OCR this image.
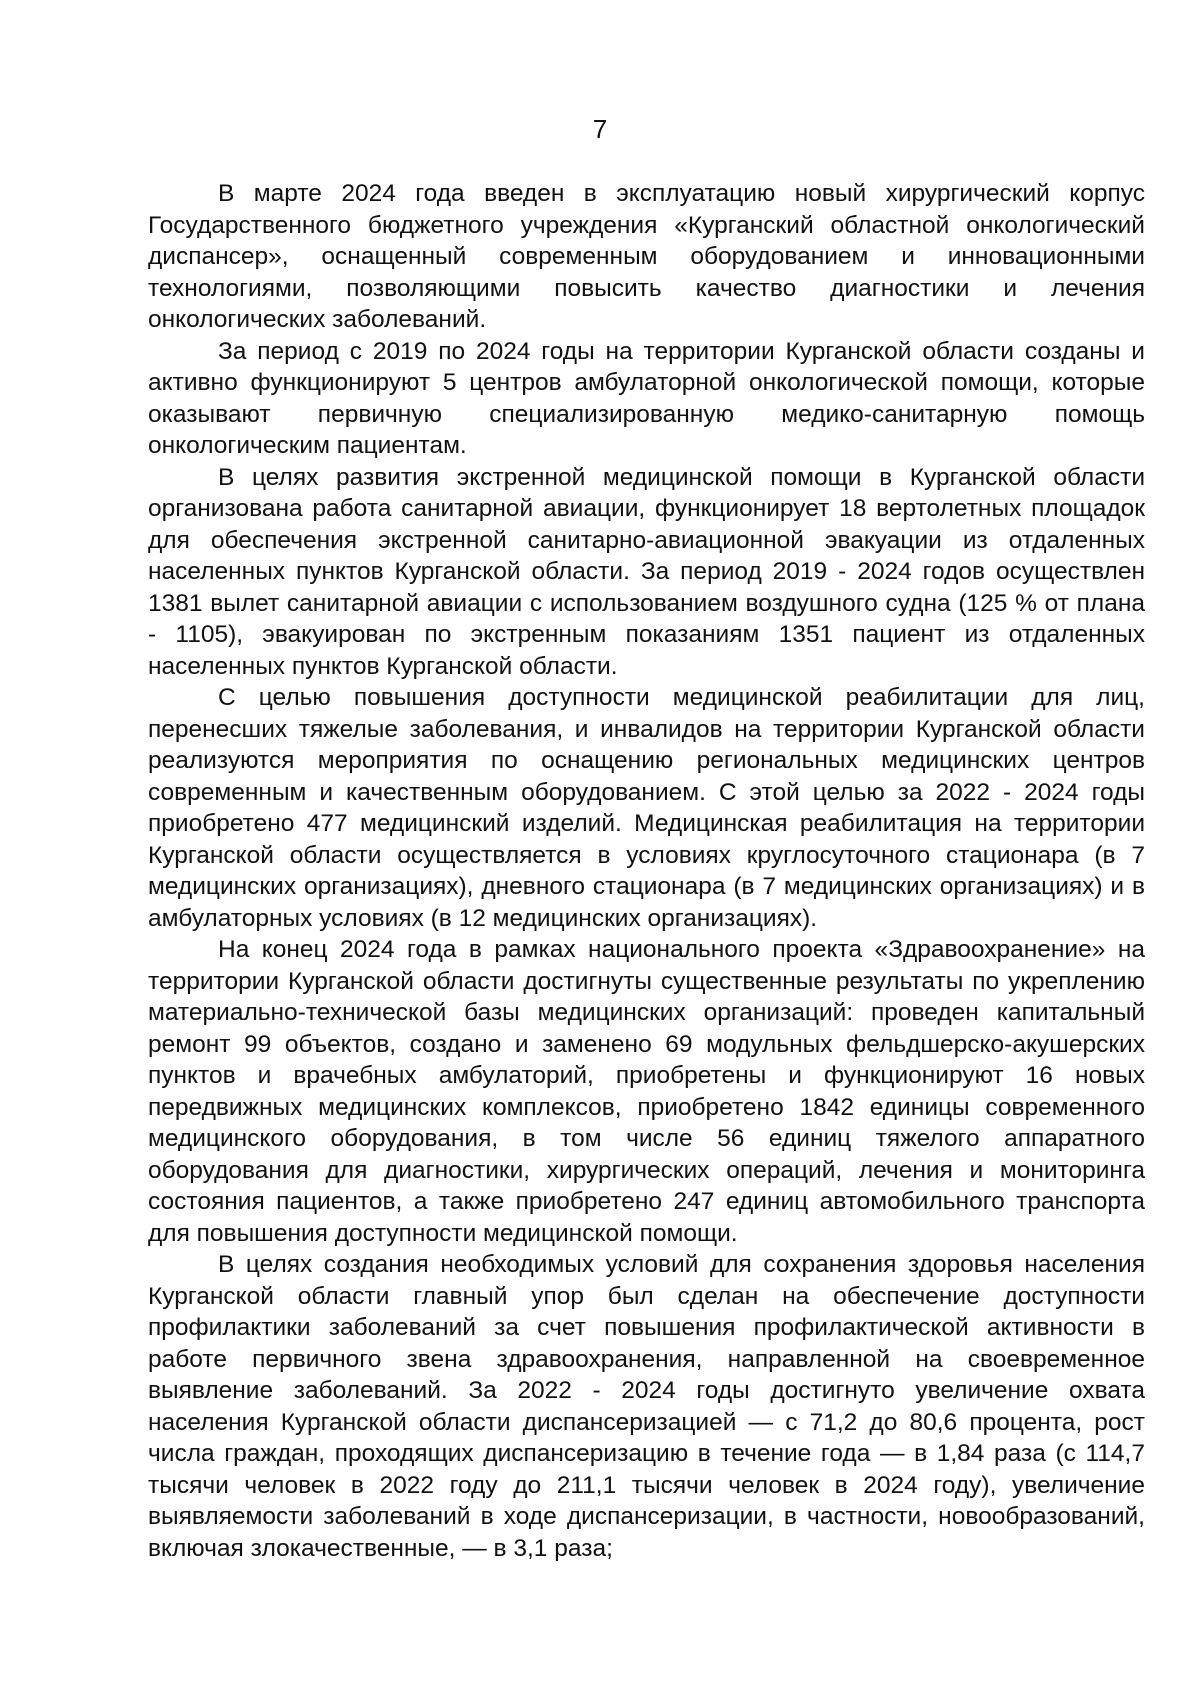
7

В марте 2024 года введен в эксплуатацию новый хирургический корпус Государственного бюджетного учреждения «Курганский областной онкологический диспансер», оснащенный современным оборудованием и инновационными технологиями, позволяющими повысить качество диагностики и лечения онкологических заболеваний.

За период с 2019 по 2024 годы на территории Курганской области созданы и активно функционируют 5 центров амбулаторной онкологической помощи, которые оказывают первичную специализированную медико-санитарную помощь онкологическим пациентам.

В целях развития экстренной медицинской помощи в Курганской области организована работа санитарной авиации, функционирует 18 вертолетных площадок для обеспечения экстренной санитарно-авиационной эвакуации из отдаленных населенных пунктов Курганской области. За период 2019 - 2024 годов осуществлен 1381 вылет санитарной авиации с использованием воздушного судна (125 % от плана - 1105), эвакуирован по экстренным показаниям 1351 пациент из отдаленных населенных пунктов Курганской области.

С целью повышения доступности медицинской реабилитации для лиц, перенесших тяжелые заболевания, и инвалидов на территории Курганской области реализуются мероприятия по оснащению региональных медицинских центров современным и качественным оборудованием. С этой целью за 2022 - 2024 годы приобретено 477 медицинский изделий. Медицинская реабилитация на территории Курганской области осуществляется в условиях круглосуточного стационара (в 7 медицинских организациях), дневного стационара (в 7 медицинских организациях) и в амбулаторных условиях (в 12 медицинских организациях).

На конец 2024 года в рамках национального проекта «Здравоохранение» на территории Курганской области достигнуты существенные результаты по укреплению материально-технической базы медицинских организаций: проведен капитальный ремонт 99 объектов, создано и заменено 69 модульных фельдшерско-акушерских пунктов и врачебных амбулаторий, приобретены и функционируют 16 новых передвижных медицинских комплексов, приобретено 1842 единицы современного медицинского оборудования, в том числе 56 единиц тяжелого аппаратного оборудования для диагностики, хирургических операций, лечения и мониторинга состояния пациентов, а также приобретено 247 единиц автомобильного транспорта для повышения доступности медицинской помощи.

В целях создания необходимых условий для сохранения здоровья населения Курганской области главный упор был сделан на обеспечение доступности профилактики заболеваний за счет повышения профилактической активности в работе первичного звена здравоохранения, направленной на своевременное выявление заболеваний. За 2022 - 2024 годы достигнуто увеличение охвата населения Курганской области диспансеризацией — с 71,2 до 80,6 процента, рост числа граждан, проходящих диспансеризацию в течение года — в 1,84 раза (с 114,7 тысячи человек в 2022 году до 211,1 тысячи человек в 2024 году), увеличение выявляемости заболеваний в ходе диспансеризации, в частности, новообразований, включая злокачественные, — в 3,1 раза;
